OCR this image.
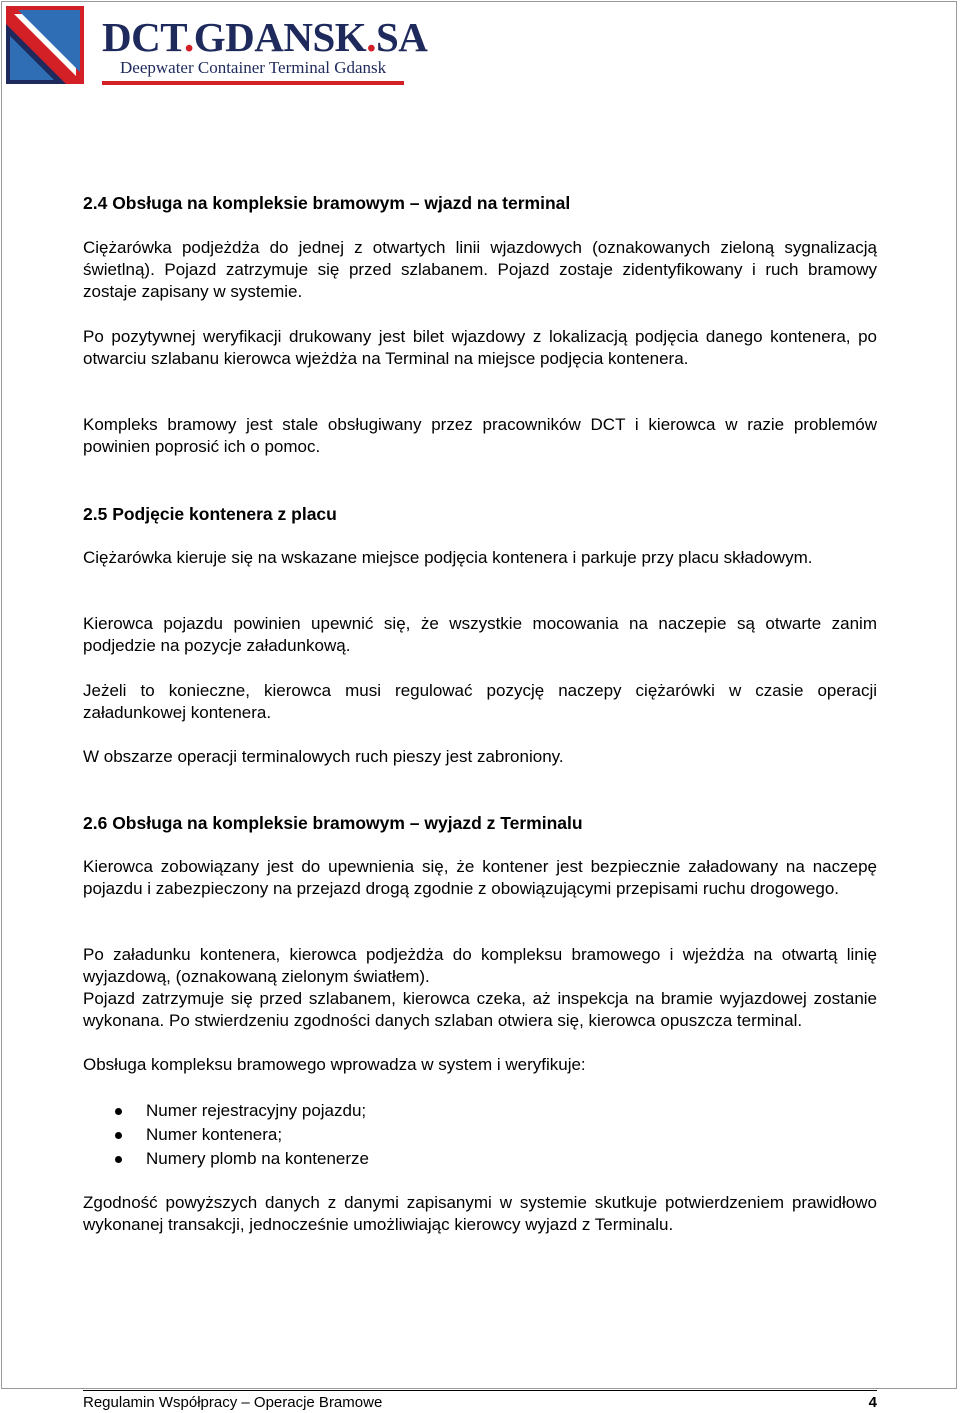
DCT.GDANSK.SA
Deepwater Container Terminal Gdansk
2.4 Obsługa na kompleksie bramowym – wjazd na terminal

Ciężarówka podjeżdża do jednej z otwartych linii wjazdowych (oznakowanych zieloną sygnalizacją świetlną). Pojazd zatrzymuje się przed szlabanem. Pojazd zostaje zidentyfikowany i ruch bramowy zostaje zapisany w systemie.

Po pozytywnej weryfikacji drukowany jest bilet wjazdowy z lokalizacją podjęcia danego kontenera, po otwarciu szlabanu kierowca wjeżdża na Terminal na miejsce podjęcia kontenera.

Kompleks bramowy jest stale obsługiwany przez pracowników DCT i kierowca w razie problemów powinien poprosić ich o pomoc.

2.5 Podjęcie kontenera z placu

Ciężarówka kieruje się na wskazane miejsce podjęcia kontenera i parkuje przy placu składowym.

Kierowca pojazdu powinien upewnić się, że wszystkie mocowania na naczepie są otwarte zanim podjedzie na pozycje załadunkową.

Jeżeli to konieczne, kierowca musi regulować pozycję naczepy ciężarówki w czasie operacji załadunkowej kontenera.

W obszarze operacji terminalowych ruch pieszy jest zabroniony.

2.6 Obsługa na kompleksie bramowym – wyjazd z Terminalu

Kierowca zobowiązany jest do upewnienia się, że kontener jest bezpiecznie załadowany na naczepę pojazdu i zabezpieczony na przejazd drogą zgodnie z obowiązującymi przepisami ruchu drogowego.

Po załadunku kontenera, kierowca podjeżdża do kompleksu bramowego i wjeżdża na otwartą linię wyjazdową, (oznakowaną zielonym światłem).

Pojazd zatrzymuje się przed szlabanem, kierowca czeka, aż inspekcja na bramie wyjazdowej zostanie wykonana. Po stwierdzeniu zgodności danych szlaban otwiera się, kierowca opuszcza terminal.

Obsługa kompleksu bramowego wprowadza w system i weryfikuje:

Numer rejestracyjny pojazdu;
Numer kontenera;
Numery plomb na kontenerze

Zgodność powyższych danych z danymi zapisanymi w systemie skutkuje potwierdzeniem prawidłowo wykonanej transakcji, jednocześnie umożliwiając kierowcy wyjazd z Terminalu.

Regulamin Współpracy – Operacje Bramowe	4
